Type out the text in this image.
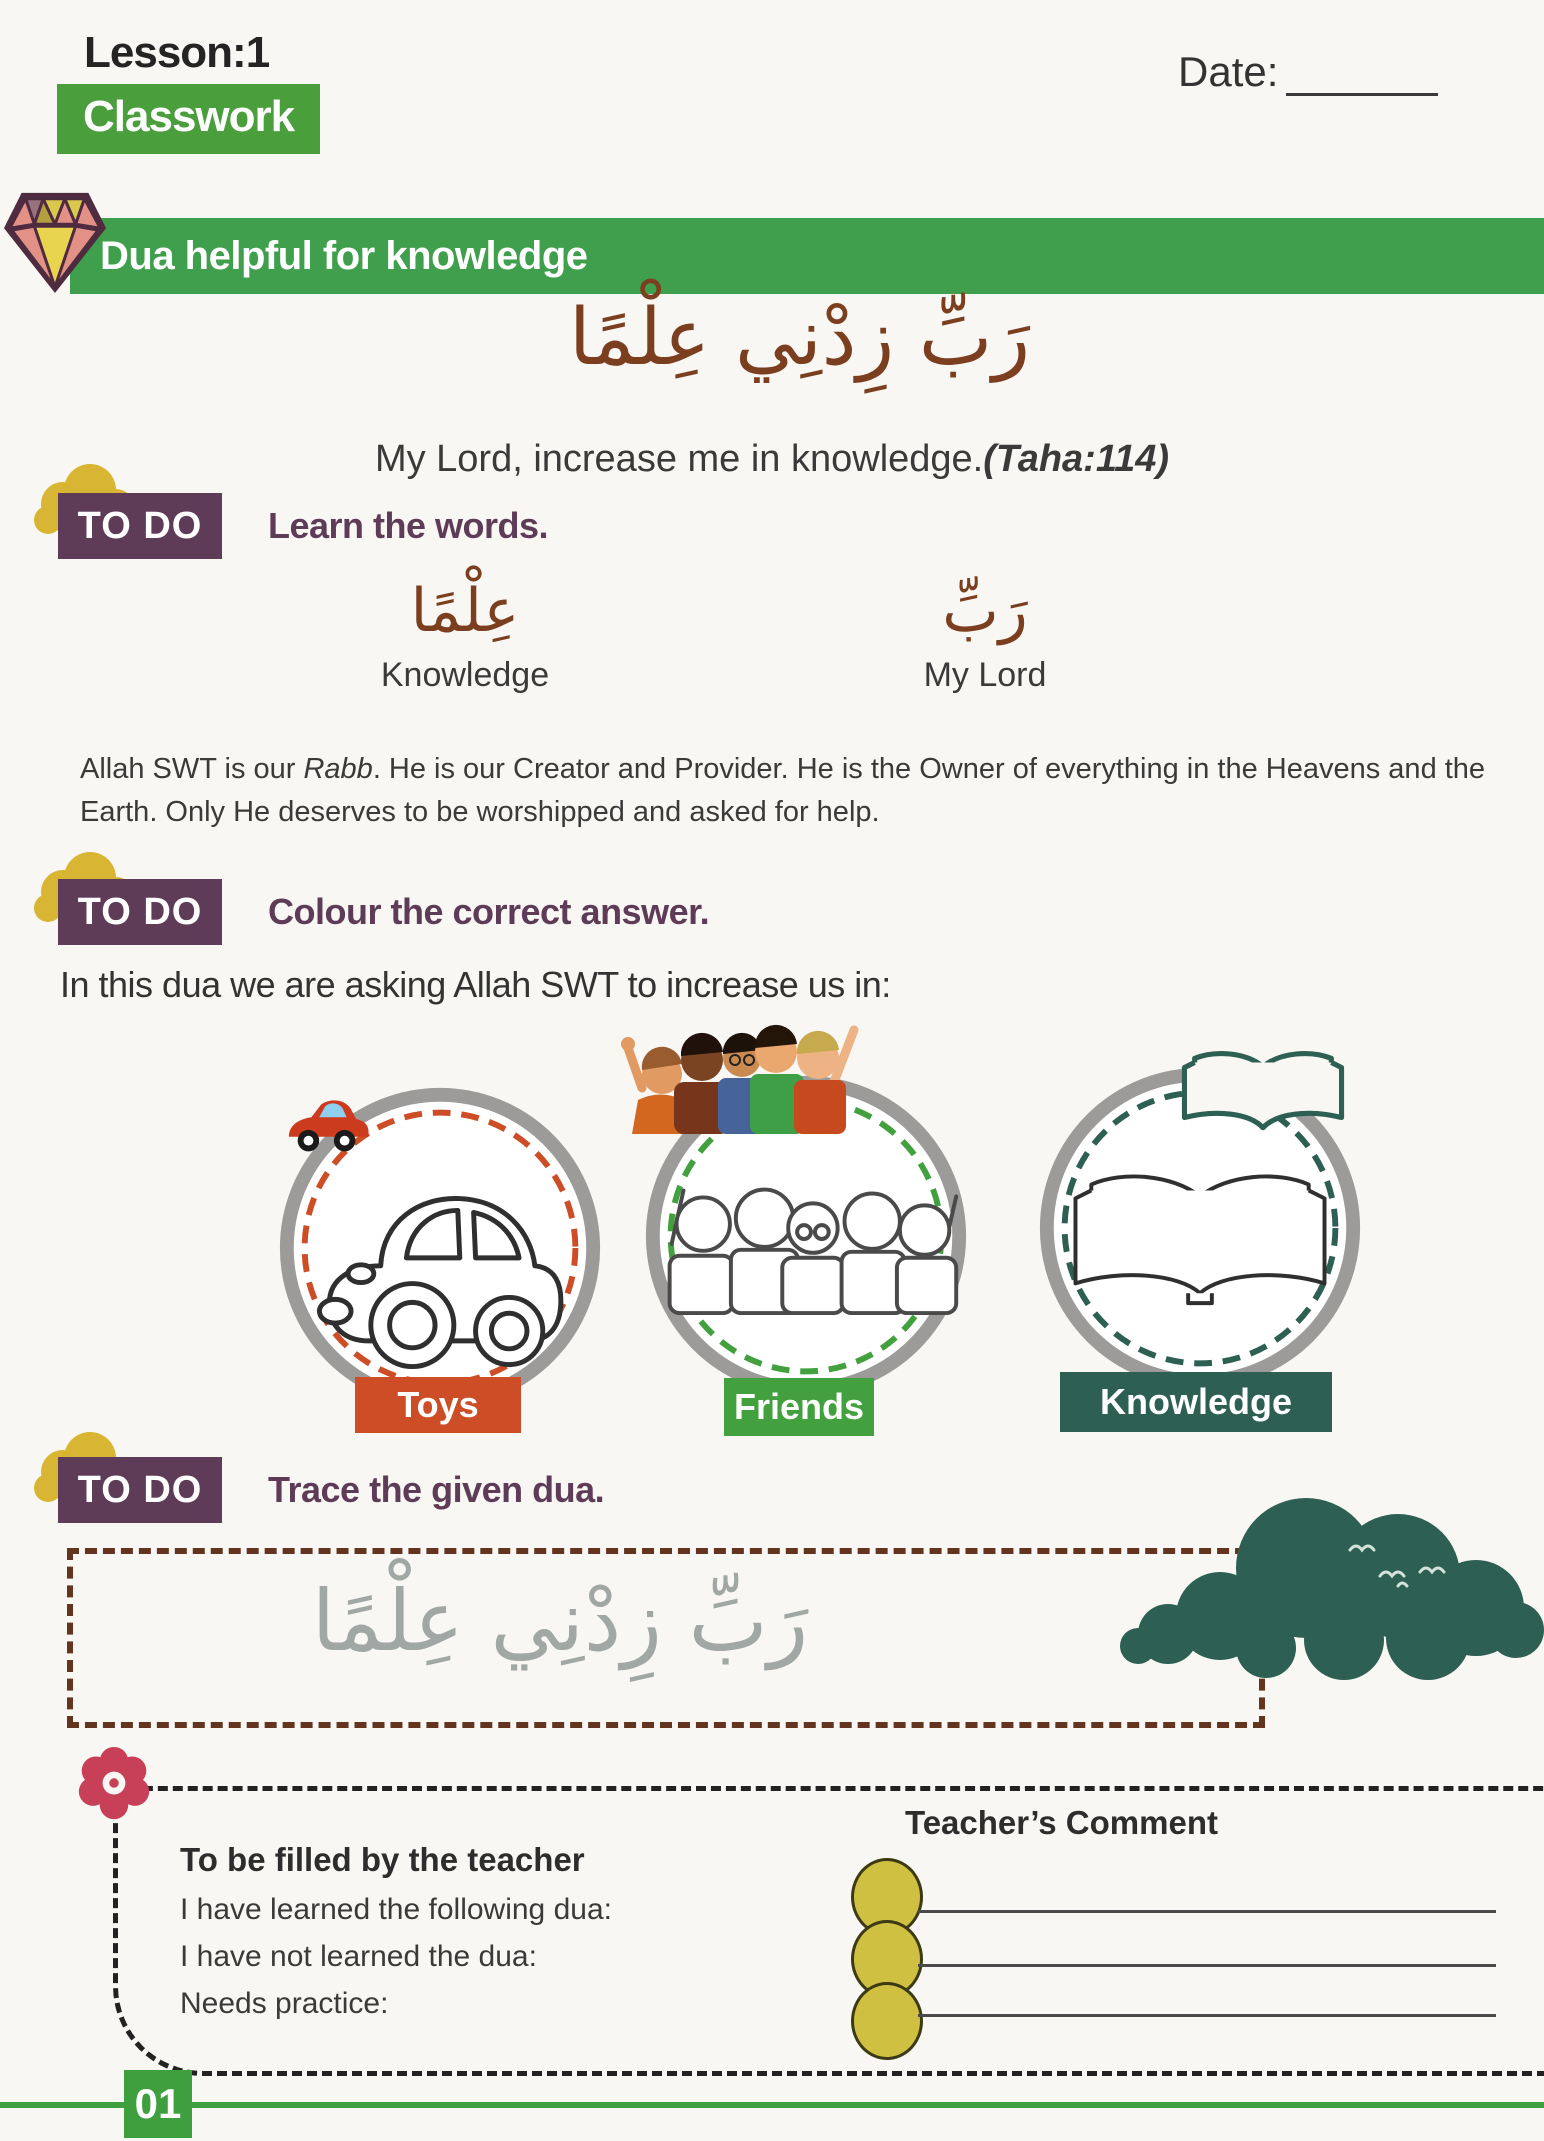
Lesson:1
Classwork
Date:
Dua helpful for knowledge
رَبِّ زِدْنِي عِلْمًا
My Lord, increase me in knowledge.(Taha:114)
TO DO	Learn the words.
عِلْمًا
Knowledge
رَبِّ
My Lord
Allah SWT is our Rabb. He is our Creator and Provider. He is the Owner of everything in the Heavens and the Earth. Only He deserves to be worshipped and asked for help.
TO DO	Colour the correct answer.
In this dua we are asking Allah SWT to increase us in:
Toys	Friends	Knowledge
TO DO	Trace the given dua.
رَبِّ زِدْنِي عِلْمًا
To be filled by the teacher
I have learned the following dua:
I have not learned the dua:
Needs practice:
Teacher’s Comment
01
